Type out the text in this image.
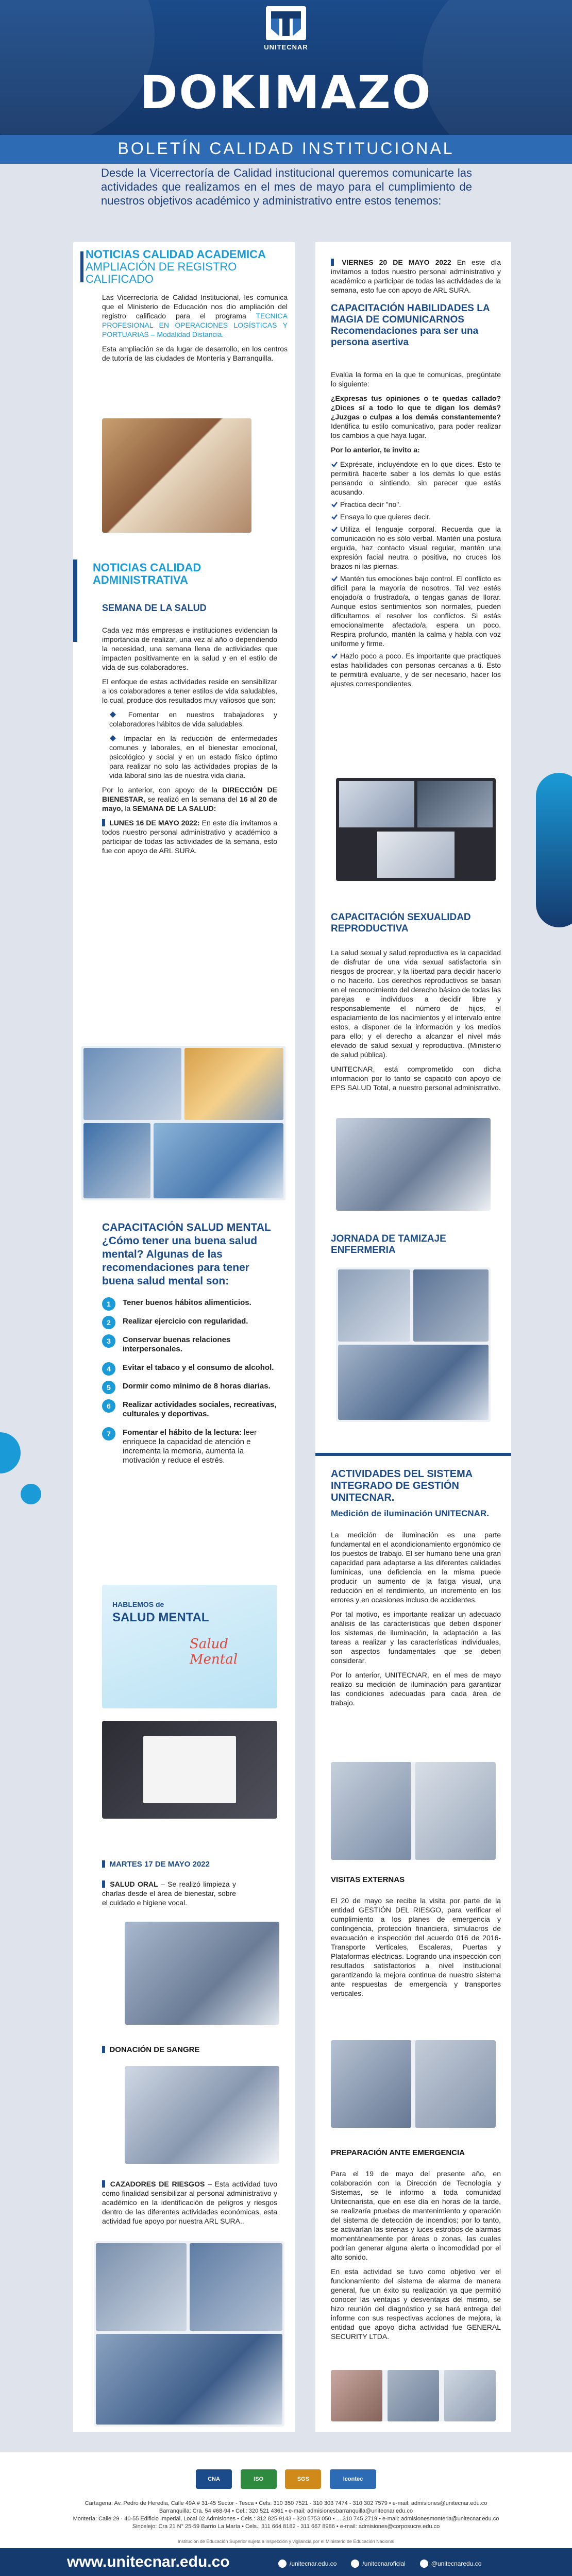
UNITECNAR
DOKIMAZO
BOLETÍN CALIDAD INSTITUCIONAL
Desde la Vicerrectoría de Calidad institucional queremos comunicarte las actividades que realizamos en el mes de mayo para el cumplimiento de nuestros objetivos académico y administrativo entre estos tenemos:
NOTICIAS CALIDAD ACADEMICA
AMPLIACIÓN DE REGISTRO CALIFICADO

Las Vicerrectoría de Calidad Institucional, les comunica que el Ministerio de Educación nos dio ampliación del registro calificado para el programa TECNICA PROFESIONAL EN OPERACIONES LOGÍSTICAS Y PORTUARIAS – Modalidad Distancia.

Esta ampliación se da lugar de desarrollo, en los centros de tutoría de las ciudades de Montería y Barranquilla.

NOTICIAS CALIDAD
ADMINISTRATIVA
SEMANA DE LA SALUD

Cada vez más empresas e instituciones evidencian la importancia de realizar, una vez al año o dependiendo la necesidad, una semana llena de actividades que impacten positivamente en la salud y en el estilo de vida de sus colaboradores.

El enfoque de estas actividades reside en sensibilizar a los colaboradores a tener estilos de vida saludables, lo cual, produce dos resultados muy valiosos que son:

Fomentar en nuestros trabajadores y colaboradores hábitos de vida saludables.

Impactar en la reducción de enfermedades comunes y laborales, en el bienestar emocional, psicológico y social y en un estado físico óptimo para realizar no solo las actividades propias de la vida laboral sino las de nuestra vida diaria.

Por lo anterior, con apoyo de la DIRECCIÓN DE BIENESTAR, se realizó en la semana del 16 al 20 de mayo, la SEMANA DE LA SALUD:

LUNES 16 DE MAYO 2022: En este día invitamos a todos nuestro personal administrativo y académico a participar de todas las actividades de la semana, esto fue con apoyo de ARL SURA.

CAPACITACIÓN SALUD MENTAL ¿Cómo tener una buena salud mental? Algunas de las recomendaciones para tener buena salud mental son:
1	Tener buenos hábitos alimenticios.
2	Realizar ejercicio con regularidad.
3	Conservar buenas relaciones interpersonales.
4	Evitar el tabaco y el consumo de alcohol.
5	Dormir como mínimo de 8 horas diarias.
6	Realizar actividades sociales, recreativas, culturales y deportivas.
7	Fomentar el hábito de la lectura: leer enriquece la capacidad de atención e incrementa la memoria, aumenta la motivación y reduce el estrés.
HABLEMOS de
SALUD MENTAL
Salud Mental
MARTES 17 DE MAYO 2022
SALUD ORAL – Se realizó limpieza y charlas desde el área de bienestar, sobre el cuidado e higiene vocal.
DONACIÓN DE SANGRE
CAZADORES DE RIESGOS – Esta actividad tuvo como finalidad sensibilizar al personal administrativo y académico en la identificación de peligros y riesgos dentro de las diferentes actividades económicas, esta actividad fue apoyo por nuestra ARL SURA..
VIERNES 20 DE MAYO 2022 En este día invitamos a todos nuestro personal administrativo y académico a participar de todas las actividades de la semana, esto fue con apoyo de ARL SURA.
CAPACITACIÓN HABILIDADES LA MAGIA DE COMUNICARNOS Recomendaciones para ser una persona asertiva

Evalúa la forma en la que te comunicas, pregúntate lo siguiente:

¿Expresas tus opiniones o te quedas callado? ¿Dices sí a todo lo que te digan los demás? ¿Juzgas o culpas a los demás constantemente? Identifica tu estilo comunicativo, para poder realizar los cambios a que haya lugar.

Por lo anterior, te invito a:

Exprésate, incluyéndote en lo que dices. Esto te permitirá hacerte saber a los demás lo que estás pensando o sintiendo, sin parecer que estás acusando.
Practica decir "no".
Ensaya lo que quieres decir.
Utiliza el lenguaje corporal. Recuerda que la comunicación no es sólo verbal. Mantén una postura erguida, haz contacto visual regular, mantén una expresión facial neutra o positiva, no cruces los brazos ni las piernas.
Mantén tus emociones bajo control. El conflicto es difícil para la mayoría de nosotros. Tal vez estés enojado/a o frustrado/a, o tengas ganas de llorar. Aunque estos sentimientos son normales, pueden dificultarnos el resolver los conflictos. Si estás emocionalmente afectado/a, espera un poco. Respira profundo, mantén la calma y habla con voz uniforme y firme.
Hazlo poco a poco. Es importante que practiques estas habilidades con personas cercanas a ti. Esto te permitirá evaluarte, y de ser necesario, hacer los ajustes correspondientes.
CAPACITACIÓN SEXUALIDAD REPRODUCTIVA

La salud sexual y salud reproductiva es la capacidad de disfrutar de una vida sexual satisfactoria sin riesgos de procrear, y la libertad para decidir hacerlo o no hacerlo. Los derechos reproductivos se basan en el reconocimiento del derecho básico de todas las parejas e individuos a decidir libre y responsablemente el número de hijos, el espaciamiento de los nacimientos y el intervalo entre estos, a disponer de la información y los medios para ello; y el derecho a alcanzar el nivel más elevado de salud sexual y reproductiva. (Ministerio de salud pública).

UNITECNAR, está comprometido con dicha información por lo tanto se capacitó con apoyo de EPS SALUD Total, a nuestro personal administrativo.

JORNADA DE TAMIZAJE ENFERMERIA
ACTIVIDADES DEL SISTEMA INTEGRADO DE GESTIÓN UNITECNAR.
Medición de iluminación UNITECNAR.

La medición de iluminación es una parte fundamental en el acondicionamiento ergonómico de los puestos de trabajo. El ser humano tiene una gran capacidad para adaptarse a las diferentes calidades lumínicas, una deficiencia en la misma puede producir un aumento de la fatiga visual, una reducción en el rendimiento, un incremento en los errores y en ocasiones incluso de accidentes.

Por tal motivo, es importante realizar un adecuado análisis de las características que deben disponer los sistemas de iluminación, la adaptación a las tareas a realizar y las características individuales, son aspectos fundamentales que se deben considerar.

Por lo anterior, UNITECNAR, en el mes de mayo realizo su medición de iluminación para garantizar las condiciones adecuadas para cada área de trabajo.

VISITAS EXTERNAS
El 20 de mayo se recibe la visita por parte de la entidad GESTIÓN DEL RIESGO, para verificar el cumplimiento a los planes de emergencia y contingencia, protección financiera, simulacros de evacuación e inspección del acuerdo 016 de 2016-Transporte Verticales, Escaleras, Puertas y Plataformas eléctricas. Logrando una inspección con resultados satisfactorios a nivel institucional garantizando la mejora continua de nuestro sistema ante respuestas de emergencia y transportes verticales.
PREPARACIÓN ANTE EMERGENCIA

Para el 19 de mayo del presente año, en colaboración con la Dirección de Tecnología y Sistemas, se le informo a toda comunidad Unitecnarista, que en ese día en horas de la tarde, se realizaría pruebas de mantenimiento y operación del sistema de detección de incendios; por lo tanto, se activarían las sirenas y luces estrobos de alarmas momentáneamente por áreas o zonas, las cuales podrían generar alguna alerta o incomodidad por el alto sonido.

En esta actividad se tuvo como objetivo ver el funcionamiento del sistema de alarma de manera general, fue un éxito su realización ya que permitió conocer las ventajas y desventajas del mismo, se hizo reunión del diagnóstico y se hará entrega del informe con sus respectivas acciones de mejora, la entidad que apoyo dicha actividad fue GENERAL SECURITY LTDA.

CNA	ISO	SGS	Icontec
Cartagena: Av. Pedro de Heredia, Calle 49A # 31-45 Sector - Tesca • Cels: 310 350 7521 - 310 303 7474 - 310 302 7579 • e-mail: admisiones@unitecnar.edu.co
Barranquilla: Cra. 54 #68-94 • Cel.: 320 521 4361 • e-mail: admisionesbarranquilla@unitecnar.edu.co
Montería: Calle 29 · 40-55 Edificio Imperial, Local 02 Admisiones • Cels.: 312 825 9143 - 320 5753 050 • ... 310 745 2719 • e-mail: admisionesmonteria@unitecnar.edu.co
Sincelejo: Cra 21 N° 25-59 Barrio La María • Cels.: 311 664 8182 - 311 667 8986 • e-mail: admisiones@corposucre.edu.co
Institución de Educación Superior sujeta a inspección y vigilancia por el Ministerio de Educación Nacional
www.unitecnar.edu.co	/unitecnar.edu.co	/unitecnaroficial	@unitecnaredu.co
